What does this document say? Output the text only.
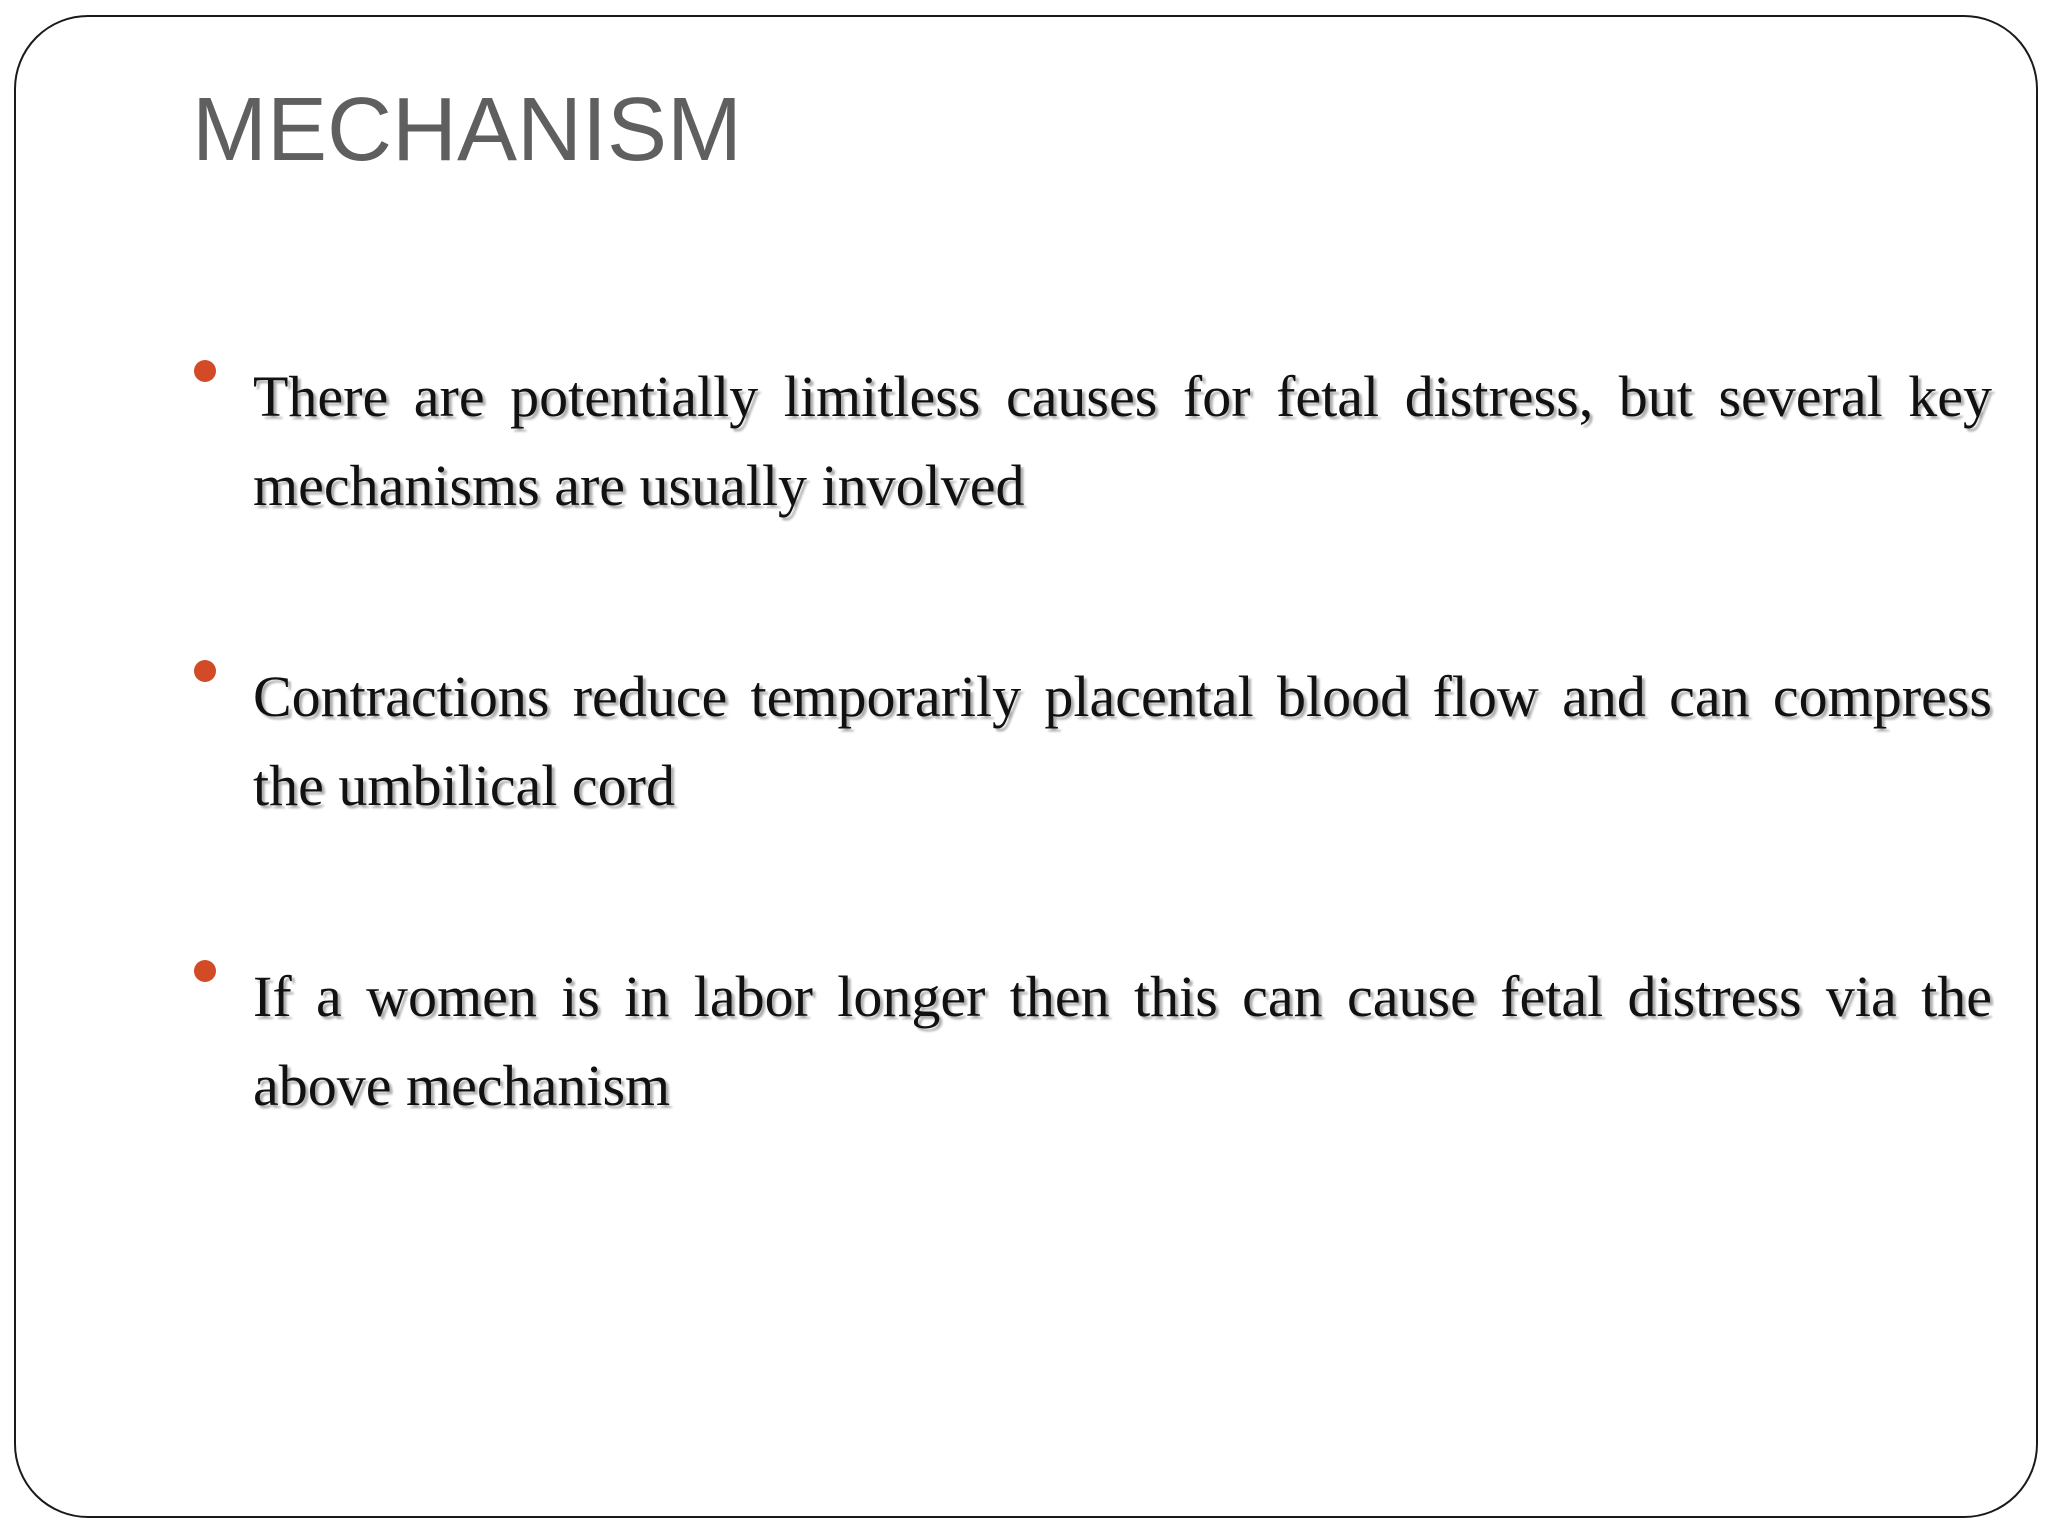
MECHANISM
There are potentially limitless causes for fetal distress, but several key mechanisms are usually involved
Contractions reduce temporarily placental blood flow and can compress the umbilical cord
If a women is in labor longer then this can cause fetal distress via the above mechanism
